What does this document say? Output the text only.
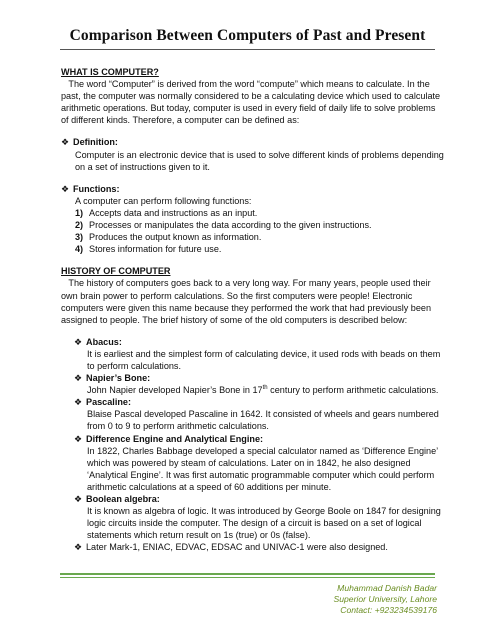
Comparison Between Computers of Past and Present

WHAT IS COMPUTER?

The word “Computer” is derived from the word “compute” which means to calculate. In the

past, the computer was normally considered to be a calculating device which used to calculate

arithmetic operations. But today, computer is used in every field of daily life to solve problems

of different kinds. Therefore, a computer can be defined as:

❖ Definition:

Computer is an electronic device that is used to solve different kinds of problems depending

on a set of instructions given to it.

❖ Functions:

A computer can perform following functions:

1) Accepts data and instructions as an input.

2) Processes or manipulates the data according to the given instructions.

3) Produces the output known as information.

4) Stores information for future use.

HISTORY OF COMPUTER

The history of computers goes back to a very long way. For many years, people used their

own brain power to perform calculations. So the first computers were people! Electronic

computers were given this name because they performed the work that had previously been

assigned to people. The brief history of some of the old computers is described below:

❖ Abacus:

It is earliest and the simplest form of calculating device, it used rods with beads on them

to perform calculations.

❖ Napier’s Bone:

John Napier developed Napier’s Bone in 17th century to perform arithmetic calculations.

❖ Pascaline:

Blaise Pascal developed Pascaline in 1642. It consisted of wheels and gears numbered

from 0 to 9 to perform arithmetic calculations.

❖ Difference Engine and Analytical Engine:

In 1822, Charles Babbage developed a special calculator named as ‘Difference Engine’

which was powered by steam of calculations. Later on in 1842, he also designed

‘Analytical Engine’. It was first automatic programmable computer which could perform

arithmetic calculations at a speed of 60 additions per minute.

❖ Boolean algebra:

It is known as algebra of logic. It was introduced by George Boole on 1847 for designing

logic circuits inside the computer. The design of a circuit is based on a set of logical

statements which return result on 1s (true) or 0s (false).

❖ Later Mark-1, ENIAC, EDVAC, EDSAC and UNIVAC-1 were also designed.

Muhammad Danish Badar
Superior University, Lahore
Contact: +923234539176
